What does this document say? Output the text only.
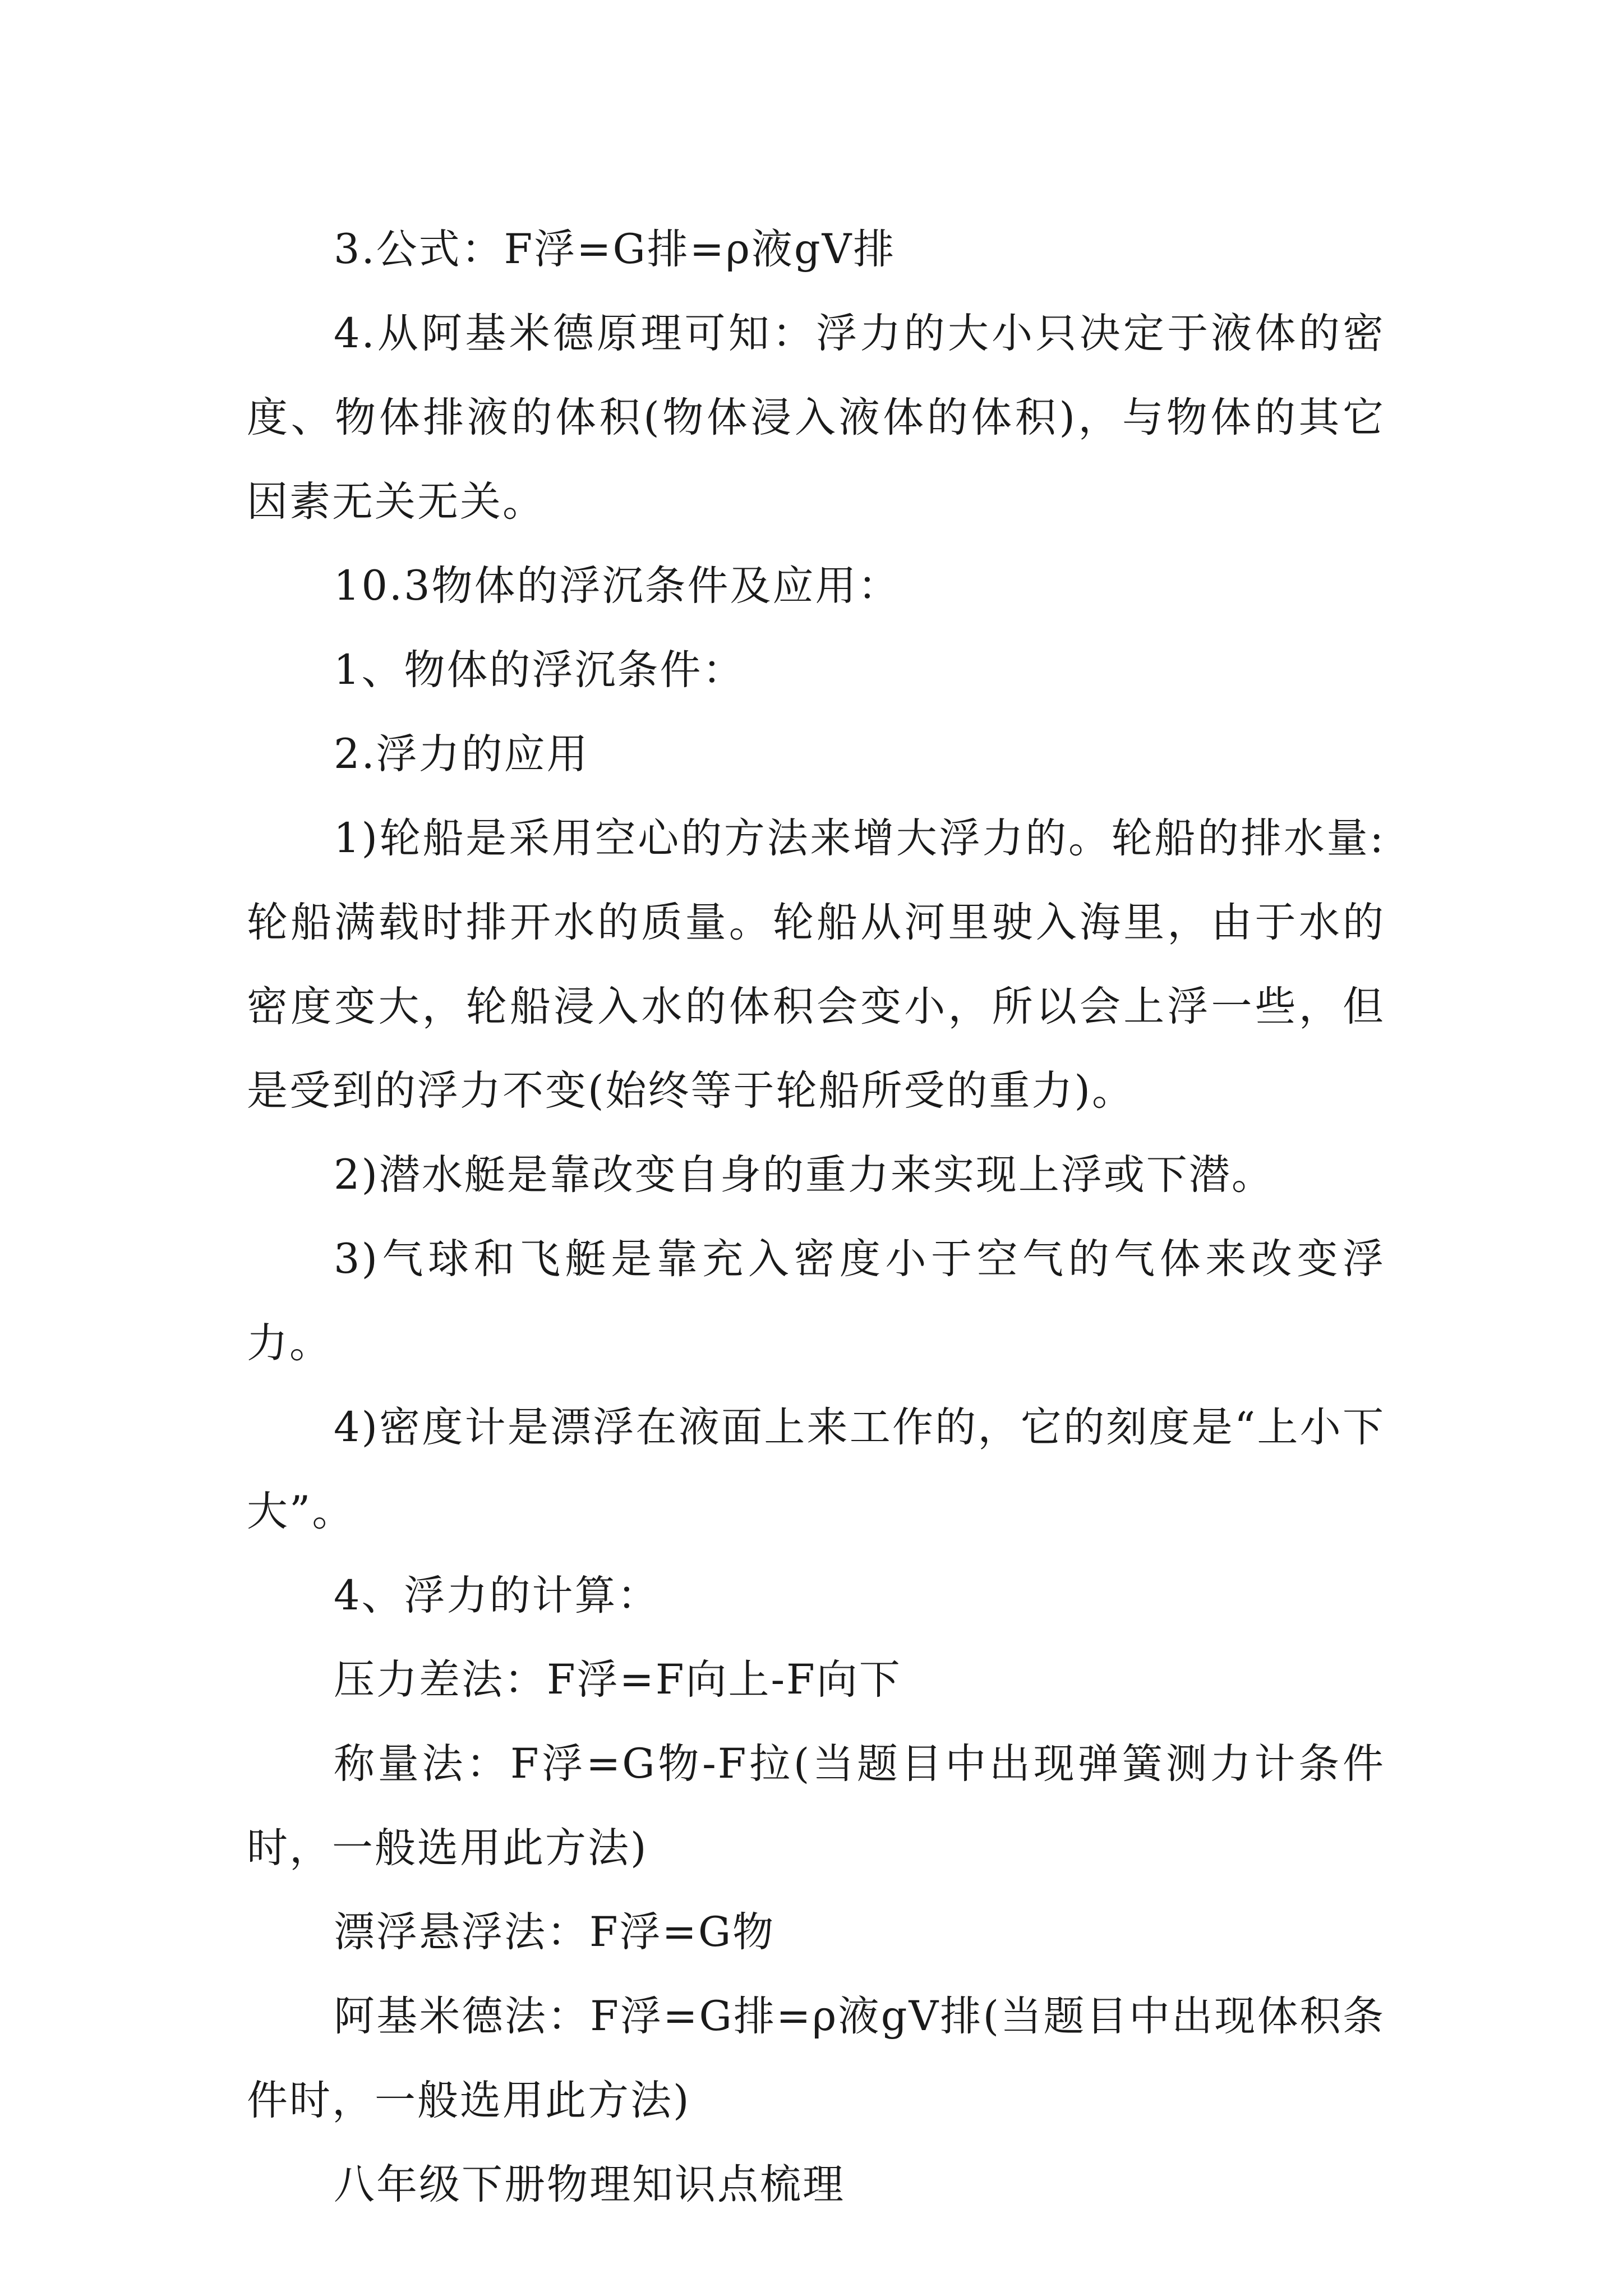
3.公式：F浮=G排=ρ液gV排

4.从阿基米德原理可知：浮力的大小只决定于液体的密度、物体排液的体积(物体浸入液体的体积)，与物体的其它因素无关无关。

10.3物体的浮沉条件及应用：

1、物体的浮沉条件：

2.浮力的应用

1)轮船是采用空心的方法来增大浮力的。轮船的排水量:轮船满载时排开水的质量。轮船从河里驶入海里，由于水的密度变大，轮船浸入水的体积会变小，所以会上浮一些，但是受到的浮力不变(始终等于轮船所受的重力)。

2)潜水艇是靠改变自身的重力来实现上浮或下潜。

3)气球和飞艇是靠充入密度小于空气的气体来改变浮力。

4)密度计是漂浮在液面上来工作的，它的刻度是“上小下大”。

4、浮力的计算：

压力差法：F浮=F向上-F向下

称量法：F浮=G物-F拉(当题目中出现弹簧测力计条件时，一般选用此方法)

漂浮悬浮法：F浮=G物

阿基米德法：F浮=G排=ρ液gV排(当题目中出现体积条件时，一般选用此方法)

八年级下册物理知识点梳理
